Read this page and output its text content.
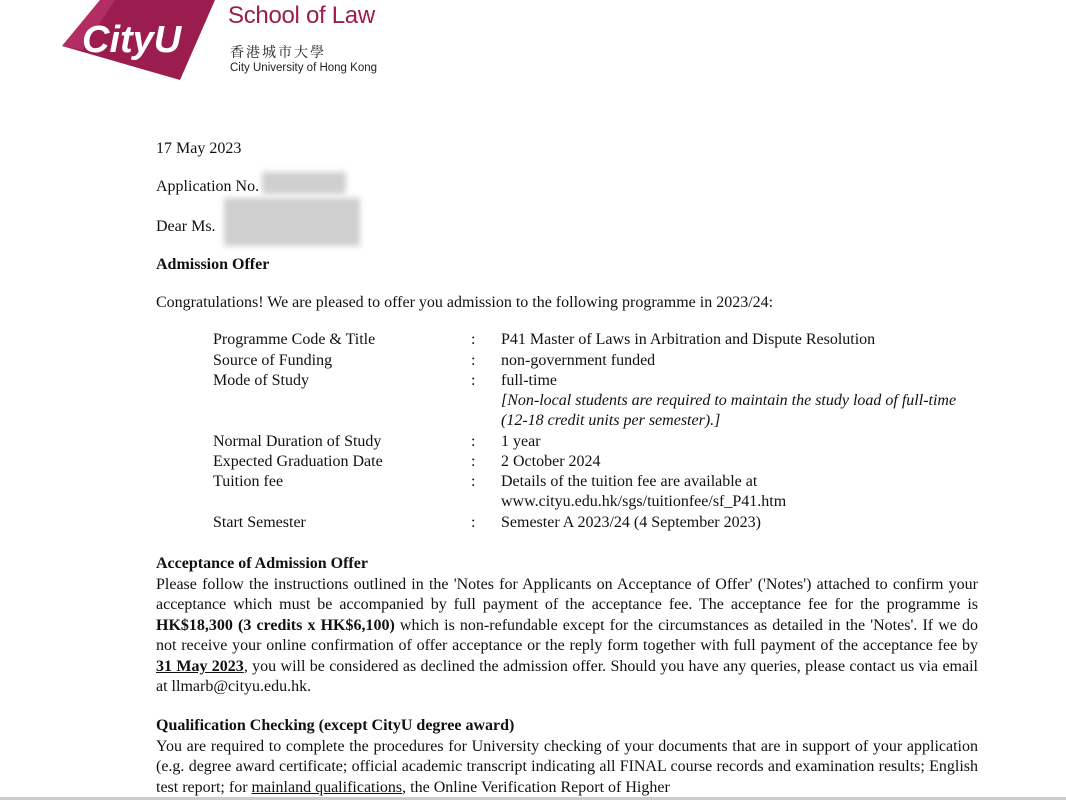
CityU
School of Law
香港城市大學
City University of Hong Kong
17 May 2023
Application No.
Dear Ms.
Admission Offer
Congratulations! We are pleased to offer you admission to the following programme in 2023/24:
Programme Code & Title	: P41 Master of Laws in Arbitration and Dispute Resolution
Source of Funding	: non-government funded
Mode of Study	: full-time
[Non-local students are required to maintain the study load of full-time (12-18 credit units per semester).]
Normal Duration of Study	: 1 year
Expected Graduation Date	: 2 October 2024
Tuition fee	: Details of the tuition fee are available at
www.cityu.edu.hk/sgs/tuitionfee/sf_P41.htm
Start Semester	: Semester A 2023/24 (4 September 2023)
Acceptance of Admission Offer
Please follow the instructions outlined in the 'Notes for Applicants on Acceptance of Offer' ('Notes') attached to confirm your acceptance which must be accompanied by full payment of the acceptance fee. The acceptance fee for the programme is HK$18,300 (3 credits x HK$6,100) which is non-refundable except for the circumstances as detailed in the 'Notes'. If we do not receive your online confirmation of offer acceptance or the reply form together with full payment of the acceptance fee by 31 May 2023, you will be considered as declined the admission offer. Should you have any queries, please contact us via email at llmarb@cityu.edu.hk.
Qualification Checking (except CityU degree award)
You are required to complete the procedures for University checking of your documents that are in support of your application (e.g. degree award certificate; official academic transcript indicating all FINAL course records and examination results; English test report; for mainland qualifications, the Online Verification Report of Higher
